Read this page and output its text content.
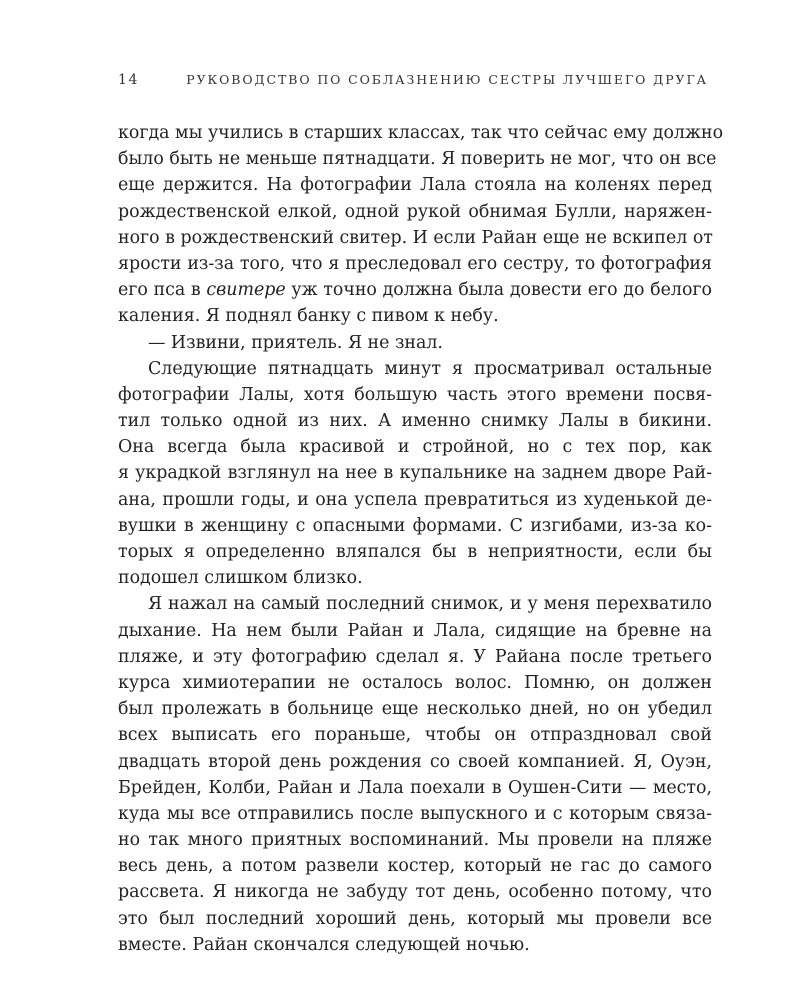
14	РУКОВОДСТВО ПО СОБЛАЗНЕНИЮ СЕСТРЫ ЛУЧШЕГО ДРУГА
когда мы учились в старших классах, так что сейчас ему должно
было быть не меньше пятнадцати. Я поверить не мог, что он все
еще держится. На фотографии Лала стояла на коленях перед
рождественской елкой, одной рукой обнимая Булли, наряжен-
ного в рождественский свитер. И если Райан еще не вскипел от
ярости из-за того, что я преследовал его сестру, то фотография
его пса в свитере уж точно должна была довести его до белого
каления. Я поднял банку с пивом к небу.
— Извини, приятель. Я не знал.
Следующие пятнадцать минут я просматривал остальные
фотографии Лалы, хотя большую часть этого времени посвя-
тил только одной из них. А именно снимку Лалы в бикини.
Она всегда была красивой и стройной, но с тех пор, как
я украдкой взглянул на нее в купальнике на заднем дворе Рай-
ана, прошли годы, и она успела превратиться из худенькой де-
вушки в женщину с опасными формами. С изгибами, из-за ко-
торых я определенно вляпался бы в неприятности, если бы
подошел слишком близко.
Я нажал на самый последний снимок, и у меня перехватило
дыхание. На нем были Райан и Лала, сидящие на бревне на
пляже, и эту фотографию сделал я. У Райана после третьего
курса химиотерапии не осталось волос. Помню, он должен
был пролежать в больнице еще несколько дней, но он убедил
всех выписать его пораньше, чтобы он отпраздновал свой
двадцать второй день рождения со своей компанией. Я, Оуэн,
Брейден, Колби, Райан и Лала поехали в Оушен-Сити — место,
куда мы все отправились после выпускного и с которым связа-
но так много приятных воспоминаний. Мы провели на пляже
весь день, а потом развели костер, который не гас до самого
рассвета. Я никогда не забуду тот день, особенно потому, что
это был последний хороший день, который мы провели все
вместе. Райан скончался следующей ночью.
